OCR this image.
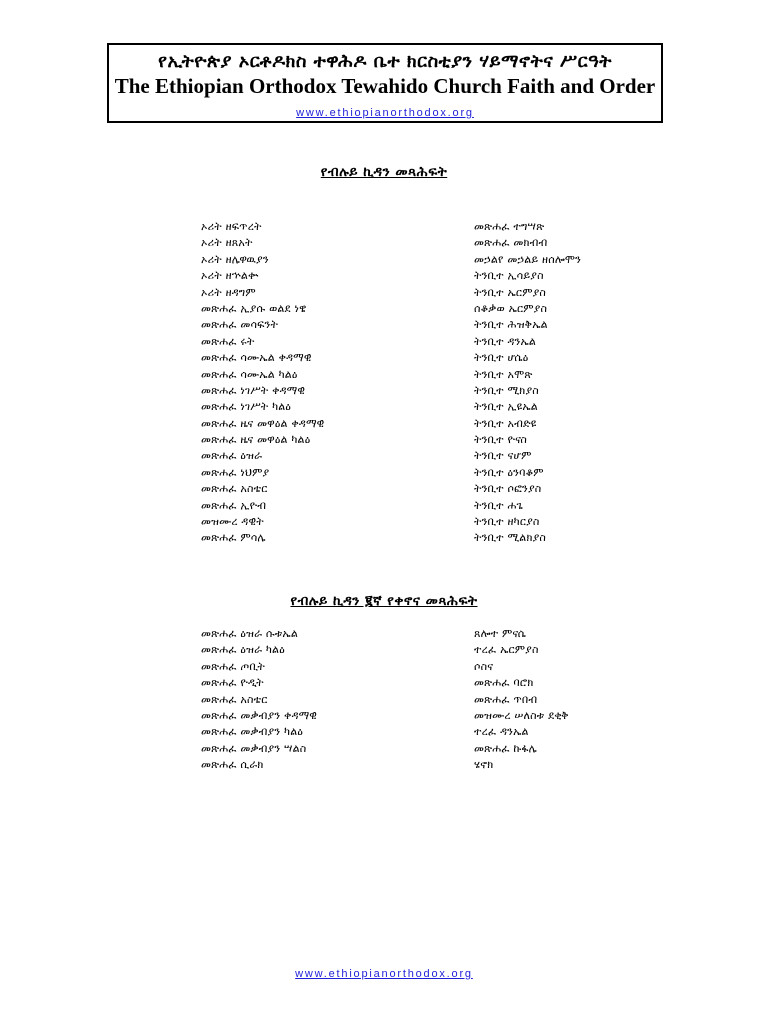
የኢትዮጵያ ኦርቶዶክስ ተዋሕዶ ቤተ ክርስቲያን ሃይማኖትና ሥርዓት
The Ethiopian Orthodox Tewahido Church Faith and Order
www.ethiopianorthodox.org
የብሉይ ኪዳን መጻሕፍት
ኦሪት ዘፍጥረት
ኦሪት ዘጸአት
ኦሪት ዘሌዋዉያን
ኦሪት ዘኍልቍ
ኦሪት ዘዳግም
መጽሐፈ ኢያሱ ወልደ ነዌ
መጽሐፈ መሳፍንት
መጽሐፈ ሩት
መጽሐፈ ሳሙኤል ቀዳማዊ
መጽሐፈ ሳሙኤል ካልዕ
መጽሐፈ ነገሥት ቀዳማዊ
መጽሐፈ ነገሥት ካልዕ
መጽሐፈ ዜና መዋዕል ቀዳማዊ
መጽሐፈ ዜና መዋዕል ካልዕ
መጽሐፈ ዕዝራ
መጽሐፈ ነህምያ
መጽሐፈ አስቴር
መጽሐፈ ኢዮብ
መዝሙረ ዳዊት
መጽሐፈ ምሳሌ
መጽሐፈ ተግሣጽ
መጽሐፈ መክብብ
መኃልየ መኃልይ ዘሰሎሞን
ትንቢተ ኢሳይያስ
ትንቢተ ኤርምያስ
ሰቆቃወ ኤርምያስ
ትንቢተ ሕዝቅኤል
ትንቢተ ዳንኤል
ትንቢተ ሆሴዕ
ትንቢተ አሞጽ
ትንቢተ ሚክያስ
ትንቢተ ኢዩኤል
ትንቢተ አብድዩ
ትንቢተ ዮናስ
ትንቢተ ናሆም
ትንቢተ ዕንባቆም
ትንቢተ ሶፎንያስ
ትንቢተ ሐጌ
ትንቢተ ዘካርያስ
ትንቢተ ሚልክያስ
የብሉይ ኪዳን ፪ኛ የቀኖና መጻሕፍት
መጽሐፈ ዕዝራ ሱቱኤል
መጽሐፈ ዕዝራ ካልዕ
መጽሐፈ ጦቢት
መጽሐፈ ዮዲት
መጽሐፈ አስቴር
መጽሐፈ መቃብያን ቀዳማዊ
መጽሐፈ መቃብያን ካልዕ
መጽሐፈ መቃብያን ሣልስ
መጽሐፈ ሲራክ
ጸሎተ ምናሴ
ተረፈ ኤርምያስ
ሶስና
መጽሐፈ ባሮክ
መጽሐፈ ጥበብ
መዝሙረ ሠለስቱ ደቂቅ
ተረፈ ዳንኤል
መጽሐፈ ኩፋሌ
ሄኖክ
www.ethiopianorthodox.org
